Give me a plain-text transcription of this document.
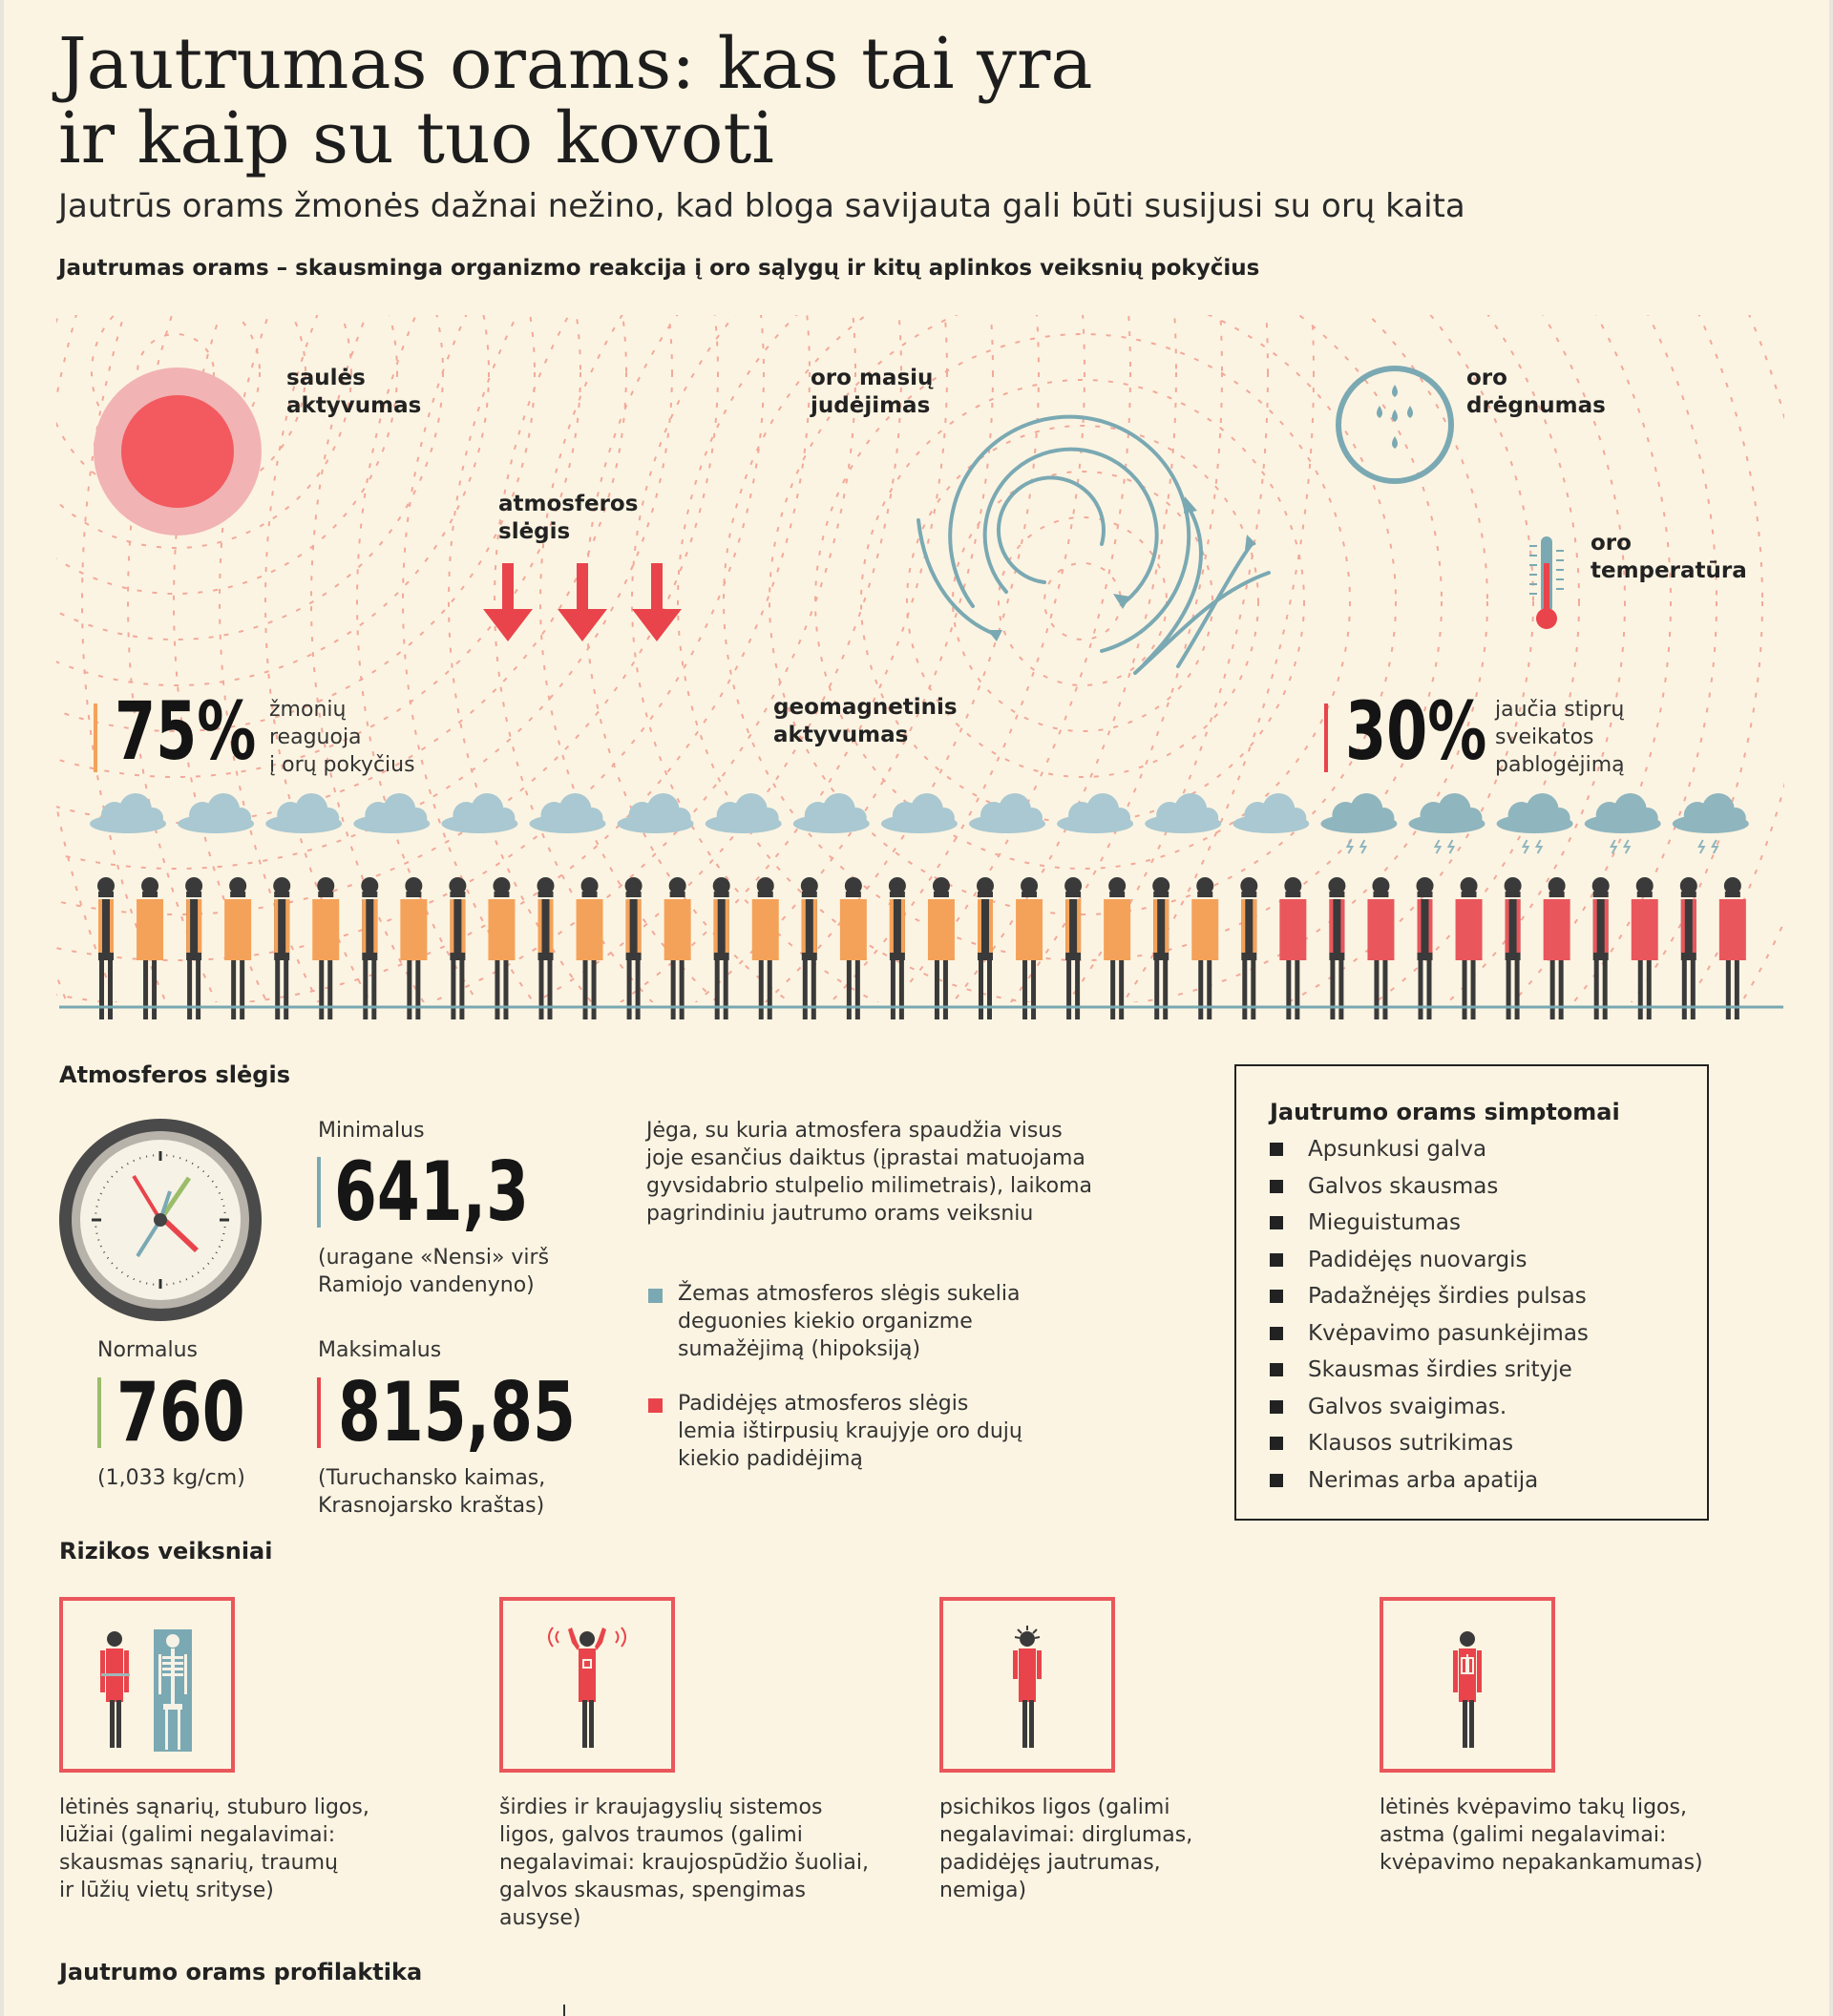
Jautrumas orams: kas tai yra
ir kaip su tuo kovoti
Jautrūs orams žmonės dažnai nežino, kad bloga savijauta gali būti susijusi su orų kaita
Jautrumas orams – skausminga organizmo reakcija į oro sąlygų ir kitų aplinkos veiksnių pokyčius
saulės
aktyvumas
atmosferos
slėgis
oro masių
judėjimas
oro
drėgnumas
oro
temperatūra
geomagnetinis
aktyvumas
75% žmonių
reaguoja
į orų pokyčius	30% jaučia stiprų
sveikatos
pablogėjimą
Atmosferos slėgis
Minimalus
641,3
(uragane «Nensi» virš
Ramiojo vandenyno)
Normalus
760
(1,033 kg/cm)
Maksimalus
815,85
(Turuchansko kaimas,
Krasnojarsko kraštas)
Jėga, su kuria atmosfera spaudžia visus
joje esančius daiktus (įprastai matuojama
gyvsidabrio stulpelio milimetrais), laikoma
pagrindiniu jautrumo orams veiksniu
Žemas atmosferos slėgis sukelia
deguonies kiekio organizme
sumažėjimą (hipoksiją)
Padidėjęs atmosferos slėgis
lemia ištirpusių kraujyje oro dujų
kiekio padidėjimą
Jautrumo orams simptomai
Apsunkusi galva
Galvos skausmas
Mieguistumas
Padidėjęs nuovargis
Padažnėjęs širdies pulsas
Kvėpavimo pasunkėjimas
Skausmas širdies srityje
Galvos svaigimas.
Klausos sutrikimas
Nerimas arba apatija
Rizikos veiksniai
lėtinės sąnarių, stuburo ligos,
lūžiai (galimi negalavimai:
skausmas sąnarių, traumų
ir lūžių vietų srityse)
širdies ir kraujagyslių sistemos
ligos, galvos traumos (galimi
negalavimai: kraujospūdžio šuoliai,
galvos skausmas, spengimas
ausyse)
psichikos ligos (galimi
negalavimai: dirglumas,
padidėjęs jautrumas,
nemiga)
lėtinės kvėpavimo takų ligos,
astma (galimi negalavimai:
kvėpavimo nepakankamumas)
Jautrumo orams profilaktika
